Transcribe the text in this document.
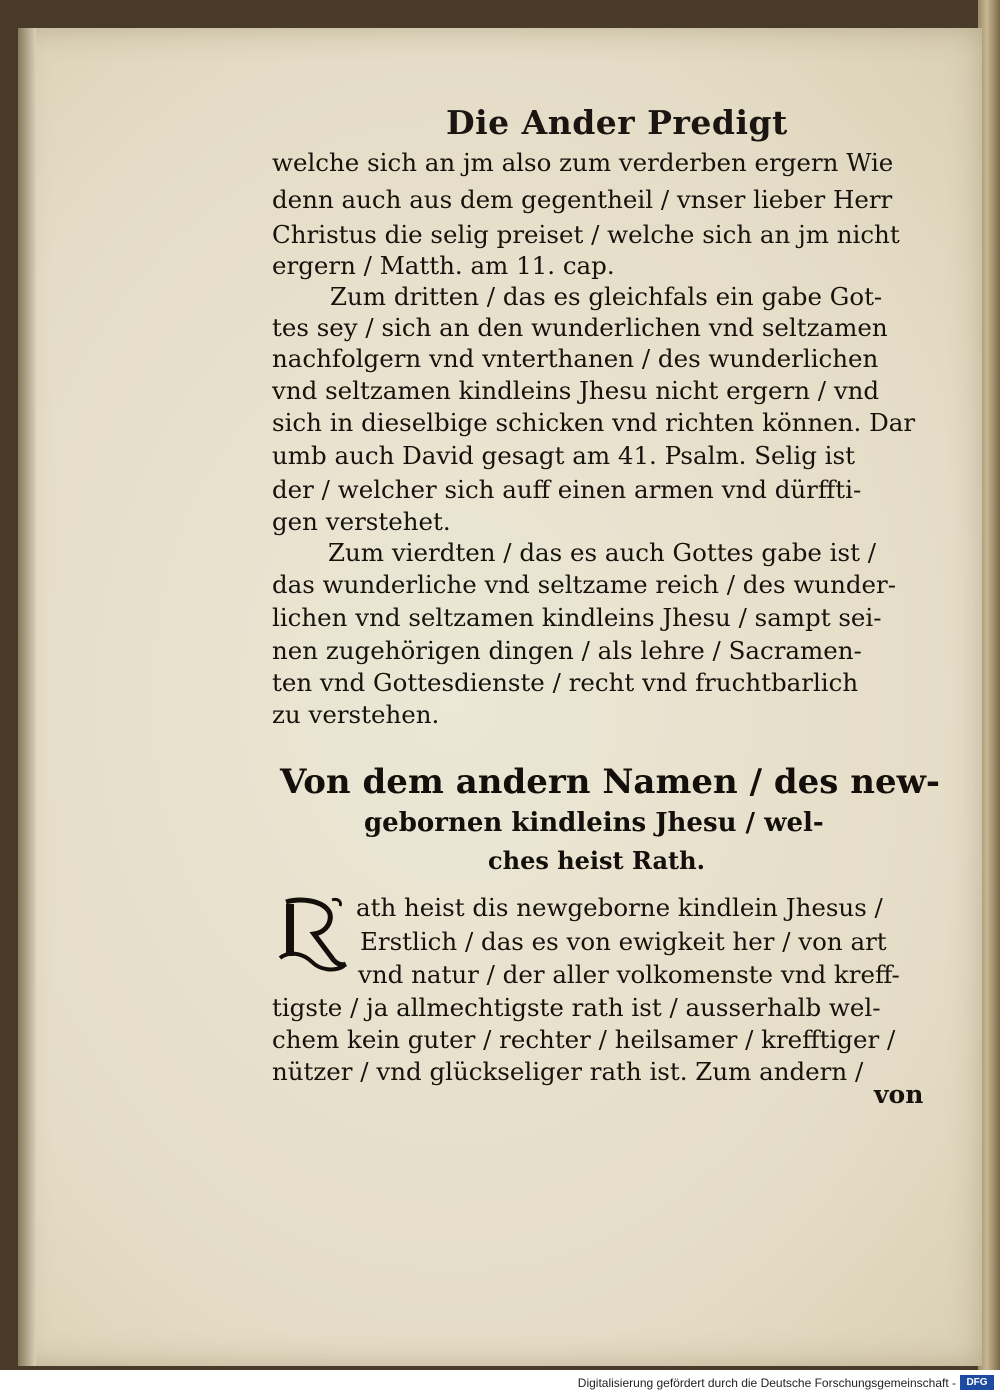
Die Ander Predigt
welche sich an jm also zum verderben ergern Wie
denn auch aus dem gegentheil / vnser lieber Herr
Christus die selig preiset / welche sich an jm nicht
ergern / Matth. am 11. cap.
Zum dritten / das es gleichfals ein gabe Got-
tes sey / sich an den wunderlichen vnd seltzamen
nachfolgern vnd vnterthanen / des wunderlichen
vnd seltzamen kindleins Jhesu nicht ergern / vnd
sich in dieselbige schicken vnd richten können. Dar
umb auch David gesagt am 41. Psalm. Selig ist
der / welcher sich auff einen armen vnd dürffti-
gen verstehet.
Zum vierdten / das es auch Gottes gabe ist /
das wunderliche vnd seltzame reich / des wunder-
lichen vnd seltzamen kindleins Jhesu / sampt sei-
nen zugehörigen dingen / als lehre / Sacramen-
ten vnd Gottesdienste / recht vnd fruchtbarlich
zu verstehen.
Von dem andern Namen / des new-
gebornen kindleins Jhesu / wel-
ches heist Rath.
ath heist dis newgeborne kindlein Jhesus /
Erstlich / das es von ewigkeit her / von art
vnd natur / der aller volkomenste vnd kreff-
tigste / ja allmechtigste rath ist / ausserhalb wel-
chem kein guter / rechter / heilsamer / krefftiger /
nützer / vnd glückseliger rath ist. Zum andern /
von
Digitalisierung gefördert durch die Deutsche Forschungsgemeinschaft -	DFG
